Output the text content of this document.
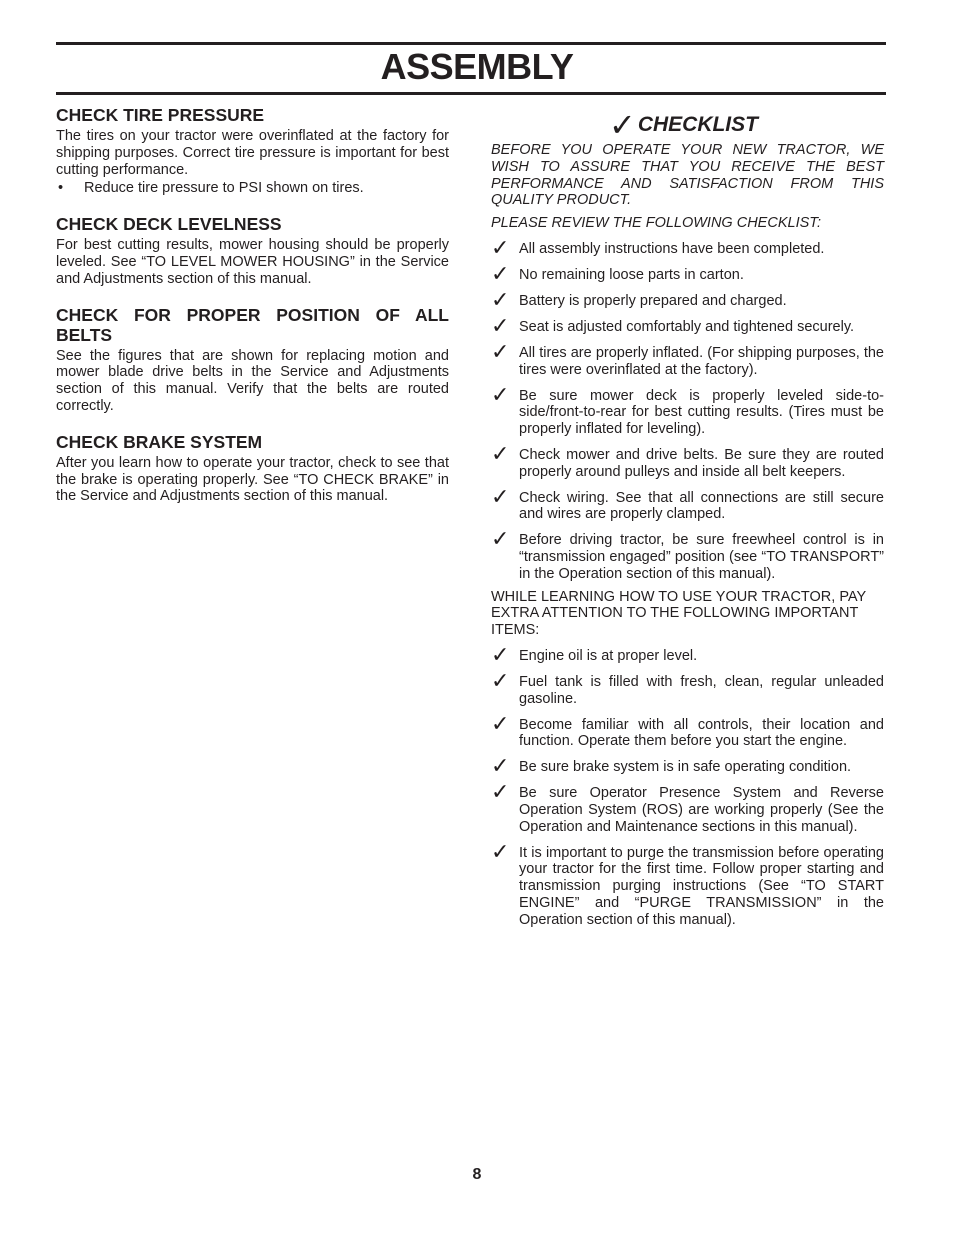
ASSEMBLY
CHECK TIRE PRESSURE

The tires on your tractor were overinflated at the factory for shipping purposes. Correct tire pressure is important for best cutting performance.

•	Reduce tire pressure to PSI shown on tires.
CHECK DECK LEVELNESS

For best cutting results, mower housing should be properly leveled. See “TO LEVEL MOWER HOUSING” in the Service and Adjustments section of this manual.

CHECK FOR PROPER POSITION OF ALL BELTS

See the figures that are shown for replacing motion and mower blade drive belts in the Service and Adjustments section of this manual. Verify that the belts are routed correctly.

CHECK BRAKE SYSTEM

After you learn how to operate your tractor, check to see that the brake is operating properly. See “TO CHECK BRAKE” in the Service and Adjustments section of this manual.

✓ CHECKLIST

BEFORE YOU OPERATE YOUR NEW TRACTOR, WE WISH TO ASSURE THAT YOU RECEIVE THE BEST PERFORMANCE AND SATISFACTION FROM THIS QUALITY PRODUCT.

PLEASE REVIEW THE FOLLOWING CHECKLIST:

✓ All assembly instructions have been completed.
✓ No remaining loose parts in carton.
✓ Battery is properly prepared and charged.
✓ Seat is adjusted comfortably and tightened securely.
✓ All tires are properly inflated. (For shipping purposes, the tires were overinflated at the factory).
✓ Be sure mower deck is properly leveled side-to-side/front-to-rear for best cutting results. (Tires must be properly inflated for leveling).
✓ Check mower and drive belts. Be sure they are routed properly around pulleys and inside all belt keepers.
✓ Check wiring. See that all connections are still secure and wires are properly clamped.
✓ Before driving tractor, be sure freewheel control is in “transmission engaged” position (see “TO TRANSPORT” in the Operation section of this manual).

WHILE LEARNING HOW TO USE YOUR TRACTOR, PAY EXTRA ATTENTION TO THE FOLLOWING IMPORTANT ITEMS:

✓ Engine oil is at proper level.
✓ Fuel tank is filled with fresh, clean, regular unleaded gasoline.
✓ Become familiar with all controls, their location and function. Operate them before you start the engine.
✓ Be sure brake system is in safe operating condition.
✓ Be sure Operator Presence System and Reverse Operation System (ROS) are working properly (See the Operation and Maintenance sections in this manual).
✓ It is important to purge the transmission before operating your tractor for the first time. Follow proper starting and transmission purging instructions (See “TO START ENGINE” and “PURGE TRANSMISSION” in the Operation section of this manual).
8
